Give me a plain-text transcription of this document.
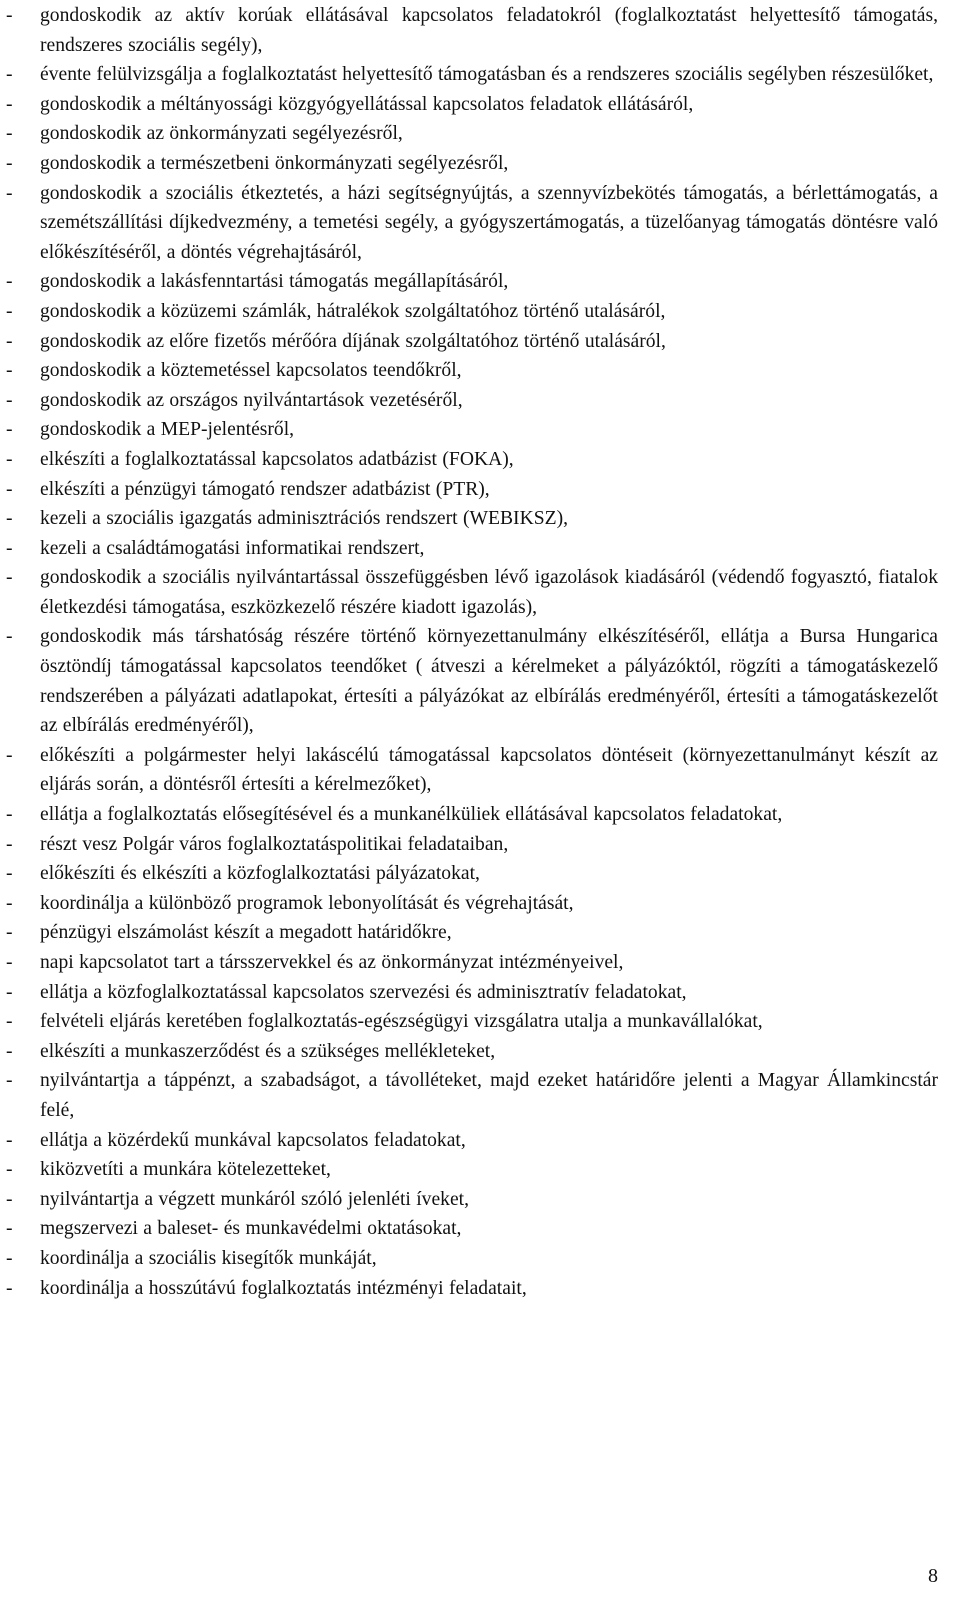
-	gondoskodik az aktív korúak ellátásával kapcsolatos feladatokról (foglalkoztatást helyettesítő támogatás, rendszeres szociális segély),
-	évente felülvizsgálja a foglalkoztatást helyettesítő támogatásban és a rendszeres szociális segélyben részesülőket,
-	gondoskodik a méltányossági közgyógyellátással kapcsolatos feladatok ellátásáról,
-	gondoskodik az önkormányzati segélyezésről,
-	gondoskodik a természetbeni önkormányzati segélyezésről,
-	gondoskodik a szociális étkeztetés, a házi segítségnyújtás, a szennyvízbekötés támogatás, a bérlettámogatás, a szemétszállítási díjkedvezmény, a temetési segély, a gyógyszertámogatás, a tüzelőanyag támogatás döntésre való előkészítéséről, a döntés végrehajtásáról,
-	gondoskodik a lakásfenntartási támogatás megállapításáról,
-	gondoskodik a közüzemi számlák, hátralékok szolgáltatóhoz történő utalásáról,
-	gondoskodik az előre fizetős mérőóra díjának szolgáltatóhoz történő utalásáról,
-	gondoskodik a köztemetéssel kapcsolatos teendőkről,
-	gondoskodik az országos nyilvántartások vezetéséről,
-	gondoskodik a MEP-jelentésről,
-	elkészíti a foglalkoztatással kapcsolatos adatbázist (FOKA),
-	elkészíti a pénzügyi támogató rendszer adatbázist (PTR),
-	kezeli a szociális igazgatás adminisztrációs rendszert (WEBIKSZ),
-	kezeli a családtámogatási informatikai rendszert,
-	gondoskodik a szociális nyilvántartással összefüggésben lévő igazolások kiadásáról (védendő fogyasztó, fiatalok életkezdési támogatása, eszközkezelő részére kiadott igazolás),
-	gondoskodik más társhatóság részére történő környezettanulmány elkészítéséről, ellátja a Bursa Hungarica ösztöndíj támogatással kapcsolatos teendőket ( átveszi a kérelmeket a pályázóktól, rögzíti a támogatáskezelő rendszerében a pályázati adatlapokat, értesíti a pályázókat az elbírálás eredményéről, értesíti a támogatáskezelőt az elbírálás eredményéről),
-	előkészíti a polgármester helyi lakáscélú támogatással kapcsolatos döntéseit (környezettanulmányt készít az eljárás során, a döntésről értesíti a kérelmezőket),
-	ellátja a foglalkoztatás elősegítésével és a munkanélküliek ellátásával kapcsolatos feladatokat,
-	részt vesz Polgár város foglalkoztatáspolitikai feladataiban,
-	előkészíti és elkészíti a közfoglalkoztatási pályázatokat,
-	koordinálja a különböző programok lebonyolítását és végrehajtását,
-	pénzügyi elszámolást készít a megadott határidőkre,
-	napi kapcsolatot tart a társszervekkel és az önkormányzat intézményeivel,
-	ellátja a közfoglalkoztatással kapcsolatos szervezési és adminisztratív feladatokat,
-	felvételi eljárás keretében foglalkoztatás-egészségügyi vizsgálatra utalja a munkavállalókat,
-	elkészíti a munkaszerződést és a szükséges mellékleteket,
-	nyilvántartja a táppénzt, a szabadságot, a távolléteket, majd ezeket határidőre jelenti a Magyar Államkincstár felé,
-	ellátja a közérdekű munkával kapcsolatos feladatokat,
-	kiközvetíti a munkára kötelezetteket,
-	nyilvántartja a végzett munkáról szóló jelenléti íveket,
-	megszervezi a baleset- és munkavédelmi oktatásokat,
-	koordinálja a szociális kisegítők munkáját,
-	koordinálja a hosszútávú foglalkoztatás intézményi feladatait,
8
